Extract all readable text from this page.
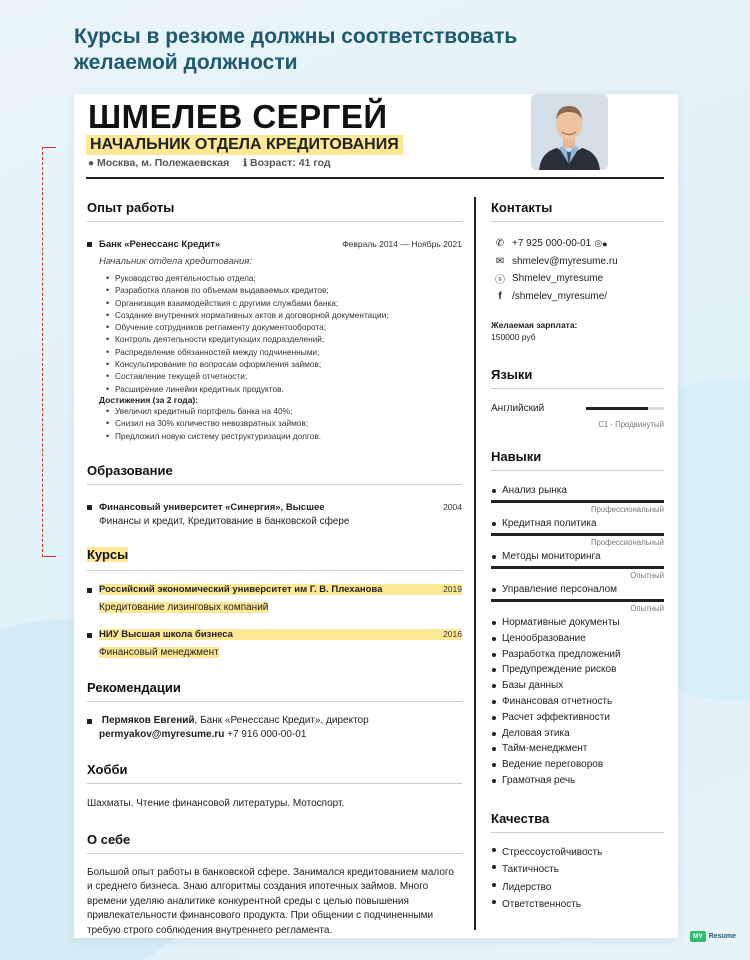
Курсы в резюме должны соответствовать
желаемой должности
ШМЕЛЕВ СЕРГЕЙ
НАЧАЛЬНИК ОТДЕЛА КРЕДИТОВАНИЯ
● Москва, м. Полежаевская ℹ Возраст: 41 год
Опыт работы
Банк «Ренессанс Кредит»	Февраль 2014 — Ноябрь 2021
Начальник отдела кредитования:
• Руководство деятельностью отдела;
• Разработка планов по объемам выдаваемых кредитов;
• Организация взаимодействия с другими службами банка;
• Создание внутренних нормативных актов и договорной документации;
• Обучение сотрудников регламенту документооборота;
• Контроль деятельности кредитующих подразделений;
• Распределение обязанностей между подчиненными;
• Консультирование по вопросам оформления займов;
• Составление текущей отчетности;
• Расширение линейки кредитных продуктов.
Достижения (за 2 года):
• Увеличил кредитный портфель банка на 40%;
• Снизил на 30% количество невозвратных займов;
• Предложил новую систему реструктуризации долгов.
Образование
Финансовый университет «Синергия», Высшее	2004
Финансы и кредит, Кредитование в банковской сфере
Курсы
Российский экономический университет им Г. В. Плеханова	2019
Кредитование лизинговых компаний
НИУ Высшая школа бизнеса	2016
Финансовый менеджмент
Рекомендации
Пермяков Евгений, Банк «Ренессанс Кредит», директор
permyakov@myresume.ru +7 916 000-00-01
Хобби
Шахматы. Чтение финансовой литературы. Мотоспорт.
О себе
Большой опыт работы в банковской сфере. Занимался кредитованием малого и среднего бизнеса. Знаю алгоритмы создания ипотечных займов. Много времени уделяю аналитике конкурентной среды с целью повышения привлекательности финансового продукта. При общении с подчиненными требую строго соблюдения внутреннего регламента.
Контакты
✆ +7 925 000-00-01 ◎ ●
✉ shmelev@myresume.ru
ⓢ Shmelev_myresume
f	/shmelev_myresume/
Желаемая зарплата:
150000 руб
Языки
Английский
C1 - Продвинутый
Навыки
Анализ рынка
Профессиональный
Кредитная политика
Профессиональный
Методы мониторинга
Опытный
Управление персоналом
Опытный
Нормативные документы
Ценообразование
Разработка предложений
Предупреждение рисков
Базы данных
Финансовая отчетность
Расчет эффективности
Деловая этика
Тайм-менеджмент
Ведение переговоров
Грамотная речь
Качества
Стрессоустойчивость
Тактичность
Лидерство
Ответственность
MY Resume
